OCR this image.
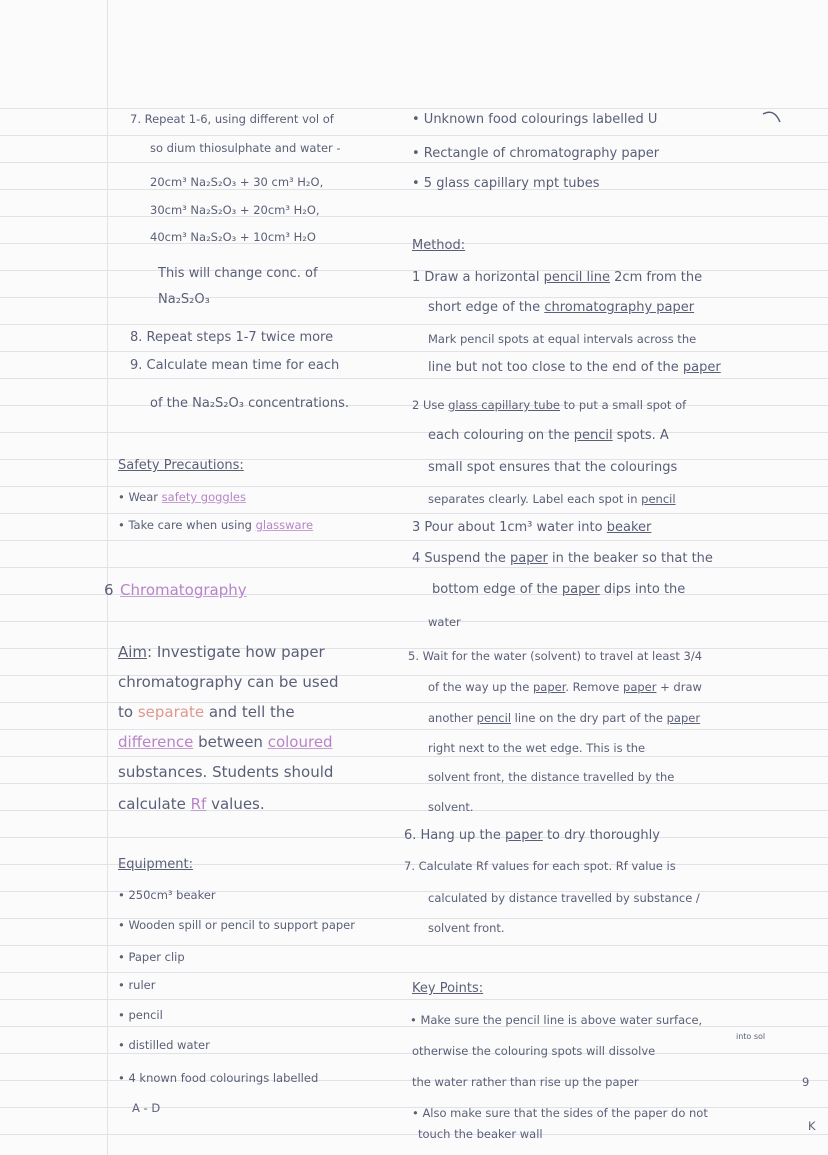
7. Repeat 1-6, using different vol of
so dium thiosulphate and water -
20cm³ Na₂S₂O₃ + 30 cm³ H₂O,
30cm³ Na₂S₂O₃ + 20cm³ H₂O,
40cm³ Na₂S₂O₃ + 10cm³ H₂O
This will change conc. of
Na₂S₂O₃
8. Repeat steps 1-7 twice more
9. Calculate mean time for each
of the Na₂S₂O₃ concentrations.
Safety Precautions:
• Wear safety goggles
• Take care when using glassware
6 Chromatography
Aim: Investigate how paper
chromatography can be used
to separate and tell the
difference between coloured
substances. Students should
calculate Rf values.
Equipment:
• 250cm³ beaker
• Wooden spill or pencil to support paper
• Paper clip
• ruler
• pencil
• distilled water
• 4 known food colourings labelled
A - D
• Unknown food colourings labelled U
• Rectangle of chromatography paper
• 5 glass capillary mpt tubes
Method:
1 Draw a horizontal pencil line 2cm from the
short edge of the chromatography paper
Mark pencil spots at equal intervals across the
line but not too close to the end of the paper
2 Use glass capillary tube to put a small spot of
each colouring on the pencil spots. A
small spot ensures that the colourings
separates clearly. Label each spot in pencil
3 Pour about 1cm³ water into beaker
4 Suspend the paper in the beaker so that the
bottom edge of the paper dips into the
water
5. Wait for the water (solvent) to travel at least 3/4
of the way up the paper. Remove paper + draw
another pencil line on the dry part of the paper
right next to the wet edge. This is the
solvent front, the distance travelled by the
solvent.
6. Hang up the paper to dry thoroughly
7. Calculate Rf values for each spot. Rf value is
calculated by distance travelled by substance /
solvent front.
Key Points:
• Make sure the pencil line is above water surface,
otherwise the colouring spots will dissolve
into sol
the water rather than rise up the paper
• Also make sure that the sides of the paper do not
touch the beaker wall
9
K
